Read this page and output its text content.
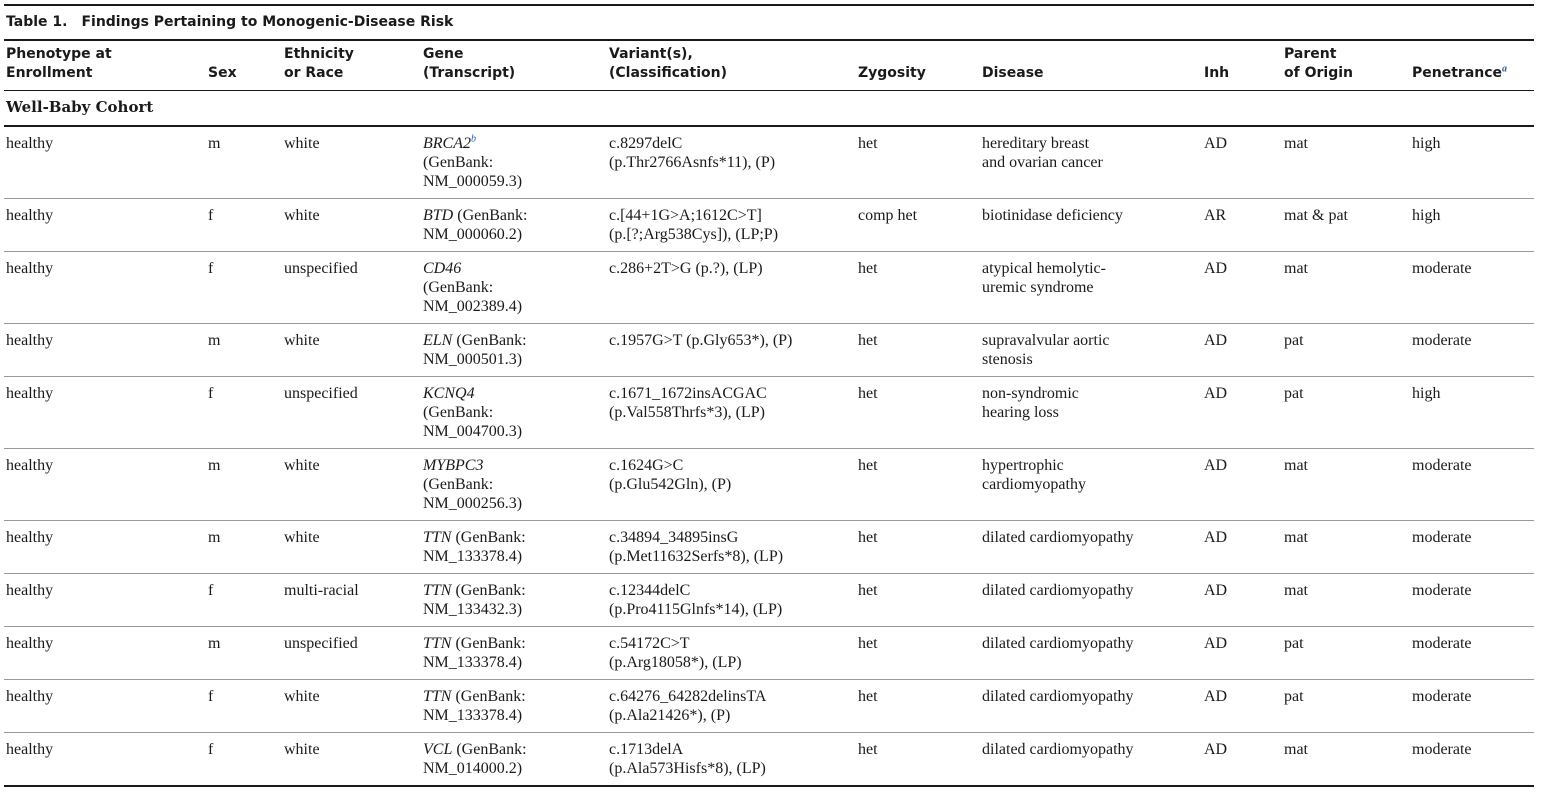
Table 1. Findings Pertaining to Monogenic-Disease Risk
Phenotype at
Enrollment	Sex	Ethnicity
or Race	Gene
(Transcript)	Variant(s),
(Classification)	Zygosity	Disease	Inh	Parent
of Origin	Penetrance$^a$
Well-Baby Cohort									
healthy	m	white	BRCA2$^b$
(GenBank:
NM_000059.3)	c.8297delC
(p.Thr2766Asnfs*11), (P)	het	hereditary breast
and ovarian cancer	AD	mat	high
healthy	f	white	BTD (GenBank:
NM_000060.2)	c.[44+1G>A;1612C>T]
(p.[?;Arg538Cys]), (LP;P)	comp het	biotinidase deficiency	AR	mat & pat	high
healthy	f	unspecified	CD46
(GenBank:
NM_002389.4)	c.286+2T>G (p.?), (LP)	het	atypical hemolytic-
uremic syndrome	AD	mat	moderate
healthy	m	white	ELN (GenBank:
NM_000501.3)	c.1957G>T (p.Gly653*), (P)	het	supravalvular aortic
stenosis	AD	pat	moderate
healthy	f	unspecified	KCNQ4
(GenBank:
NM_004700.3)	c.1671_1672insACGAC
(p.Val558Thrfs*3), (LP)	het	non-syndromic
hearing loss	AD	pat	high
healthy	m	white	MYBPC3
(GenBank:
NM_000256.3)	c.1624G>C
(p.Glu542Gln), (P)	het	hypertrophic
cardiomyopathy	AD	mat	moderate
healthy	m	white	TTN (GenBank:
NM_133378.4)	c.34894_34895insG
(p.Met11632Serfs*8), (LP)	het	dilated cardiomyopathy	AD	mat	moderate
healthy	f	multi-racial	TTN (GenBank:
NM_133432.3)	c.12344delC
(p.Pro4115Glnfs*14), (LP)	het	dilated cardiomyopathy	AD	mat	moderate
healthy	m	unspecified	TTN (GenBank:
NM_133378.4)	c.54172C>T
(p.Arg18058*), (LP)	het	dilated cardiomyopathy	AD	pat	moderate
healthy	f	white	TTN (GenBank:
NM_133378.4)	c.64276_64282delinsTA
(p.Ala21426*), (P)	het	dilated cardiomyopathy	AD	pat	moderate
healthy	f	white	VCL (GenBank:
NM_014000.2)	c.1713delA
(p.Ala573Hisfs*8), (LP)	het	dilated cardiomyopathy	AD	mat	moderate
